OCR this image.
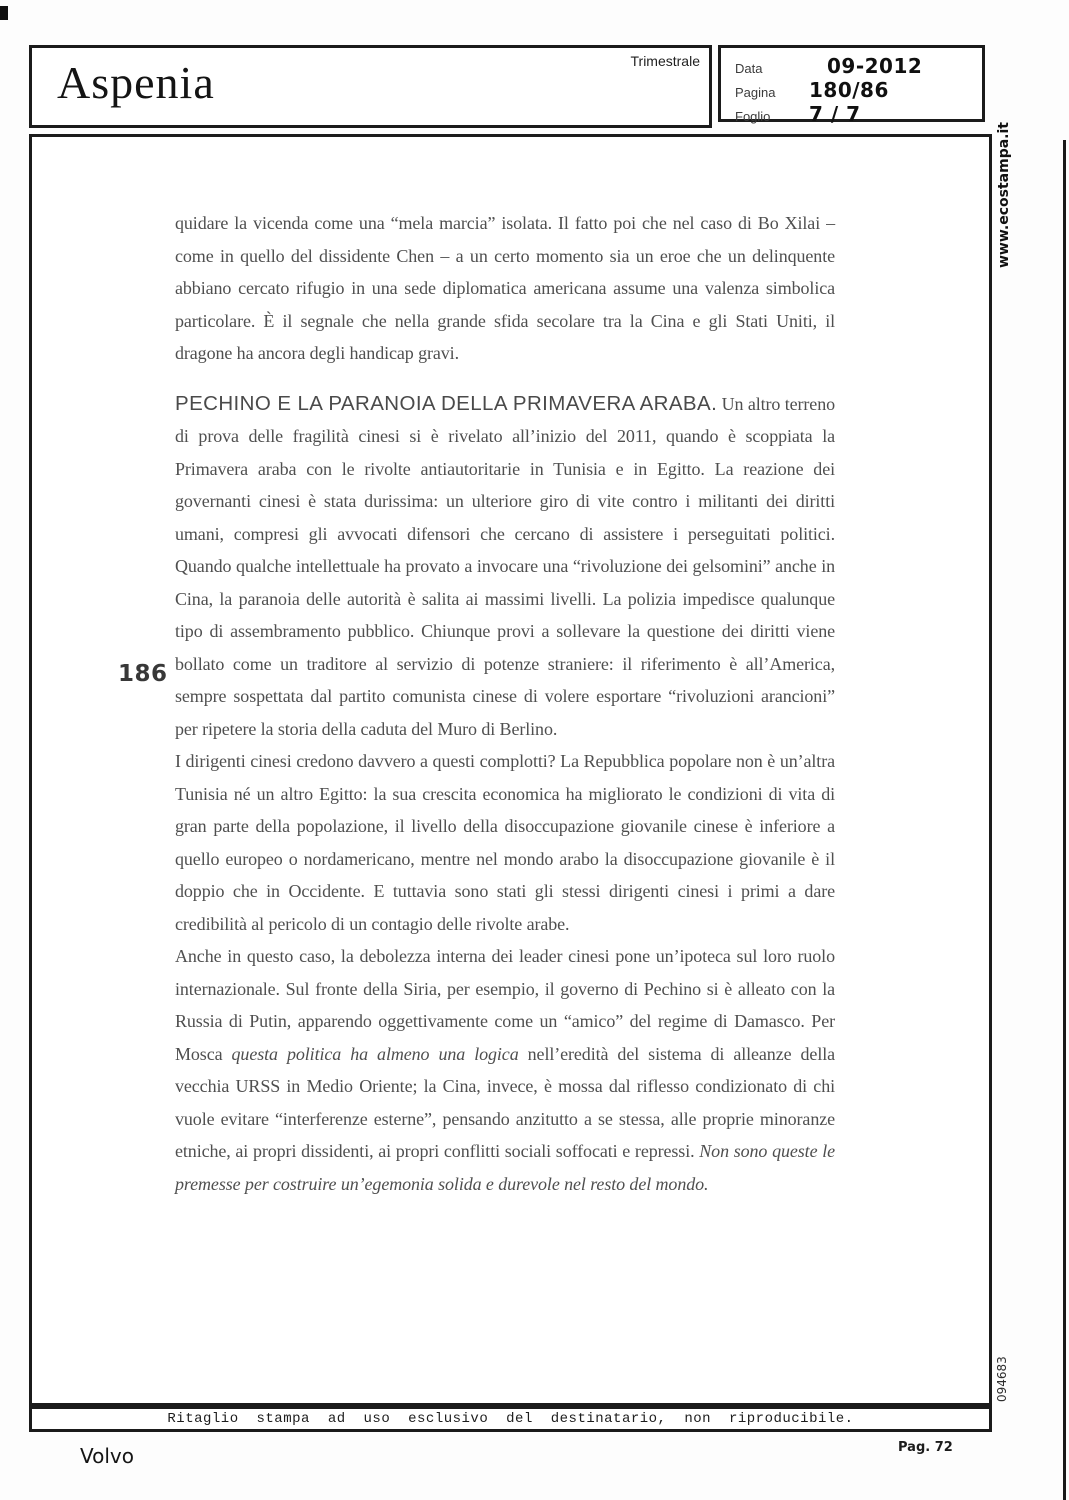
Aspenia	Trimestrale	Data	09-2012
Pagina	180/86
Foglio	7 / 7
186

quidare la vicenda come una “mela marcia” isolata. Il fatto poi che nel caso di Bo Xilai – come in quello del dissidente Chen – a un certo momento sia un eroe che un delinquente abbiano cercato rifugio in una sede diplomatica americana assume una valenza simbolica particolare. È il segnale che nella grande sfida secolare tra la Cina e gli Stati Uniti, il dragone ha ancora degli handicap gravi.

PECHINO E LA PARANOIA DELLA PRIMAVERA ARABA. Un altro terreno di prova delle fragilità cinesi si è rivelato all’inizio del 2011, quando è scoppiata la Primavera araba con le rivolte antiautoritarie in Tunisia e in Egitto. La reazione dei governanti cinesi è stata durissima: un ulteriore giro di vite contro i militanti dei diritti umani, compresi gli avvocati difensori che cercano di assistere i perseguitati politici. Quando qualche intellettuale ha provato a invocare una “rivoluzione dei gelsomini” anche in Cina, la paranoia delle autorità è salita ai massimi livelli. La polizia impedisce qualunque tipo di assembramento pubblico. Chiunque provi a sollevare la questione dei diritti viene bollato come un traditore al servizio di potenze straniere: il riferimento è all’America, sempre sospettata dal partito comunista cinese di volere esportare “rivoluzioni arancioni” per ripetere la storia della caduta del Muro di Berlino.

I dirigenti cinesi credono davvero a questi complotti? La Repubblica popolare non è un’altra Tunisia né un altro Egitto: la sua crescita economica ha migliorato le condizioni di vita di gran parte della popolazione, il livello della disoccupazione giovanile cinese è inferiore a quello europeo o nordamericano, mentre nel mondo arabo la disoccupazione giovanile è il doppio che in Occidente. E tuttavia sono stati gli stessi dirigenti cinesi i primi a dare credibilità al pericolo di un contagio delle rivolte arabe.

Anche in questo caso, la debolezza interna dei leader cinesi pone un’ipoteca sul loro ruolo internazionale. Sul fronte della Siria, per esempio, il governo di Pechino si è alleato con la Russia di Putin, apparendo oggettivamente come un “amico” del regime di Damasco. Per Mosca questa politica ha almeno una logica nell’eredità del sistema di alleanze della vecchia URSS in Medio Oriente; la Cina, invece, è mossa dal riflesso condizionato di chi vuole evitare “interferenze esterne”, pensando anzitutto a se stessa, alle proprie minoranze etniche, ai propri dissidenti, ai propri conflitti sociali soffocati e repressi. Non sono queste le premesse per costruire un’egemonia solida e durevole nel resto del mondo.

www.ecostampa.it
094683
Ritaglio stampa ad uso esclusivo del destinatario, non riproducibile.
Volvo	Pag. 72
